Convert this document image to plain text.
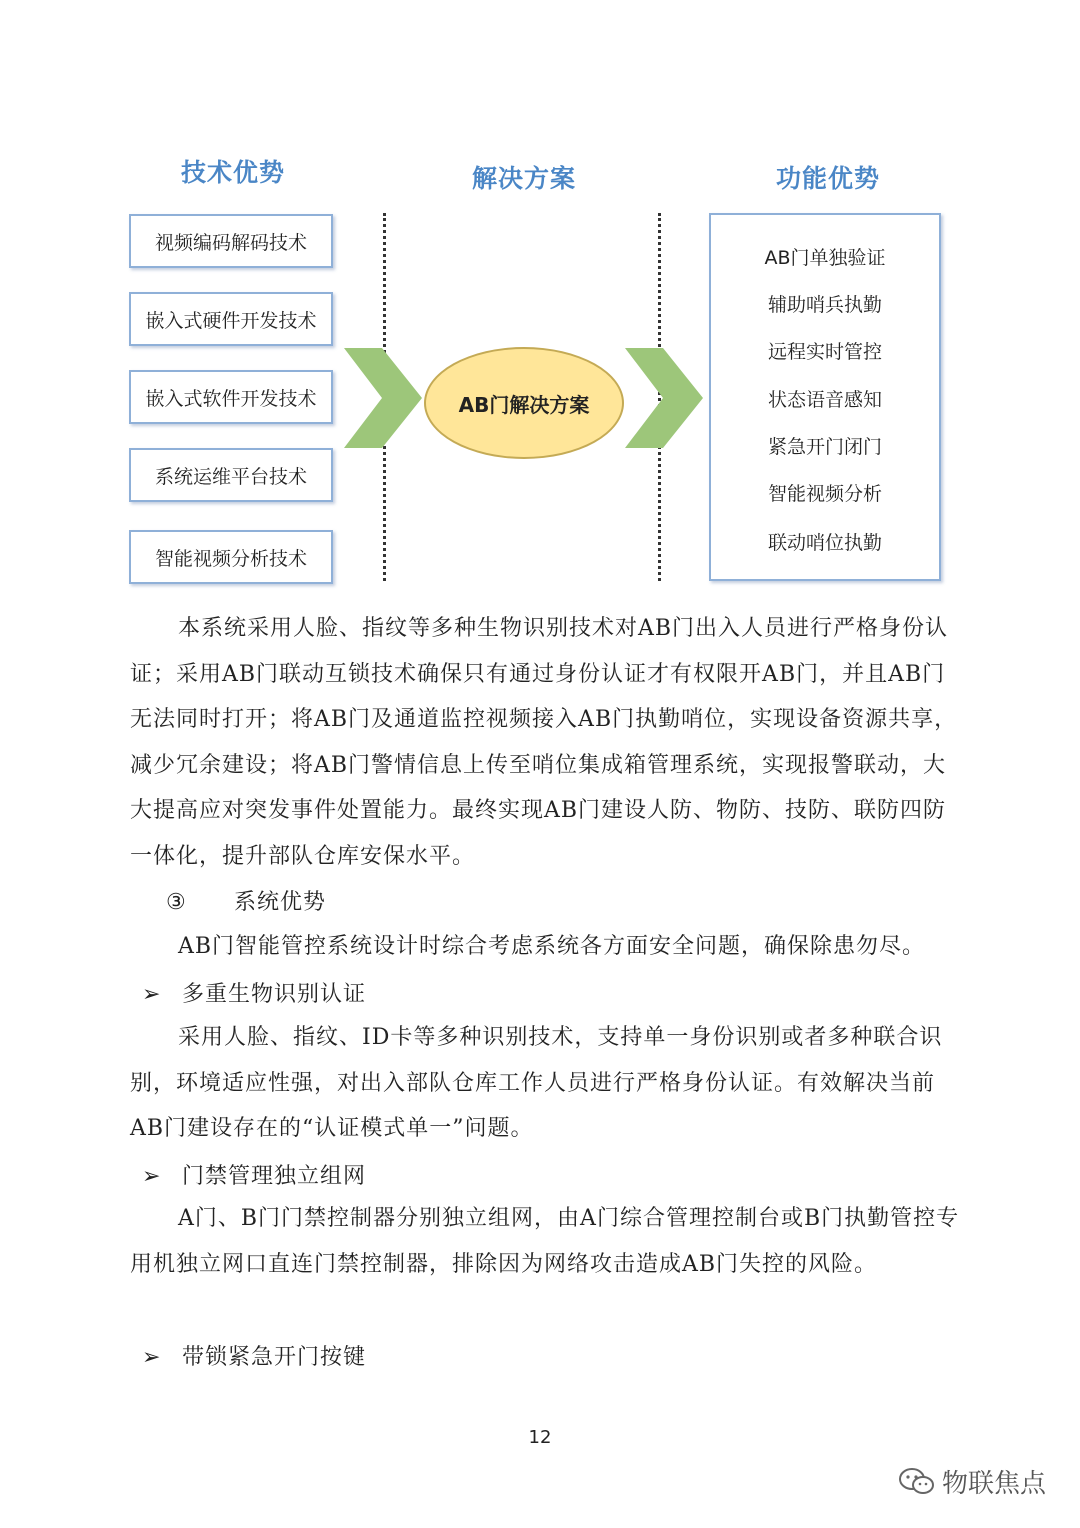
技术优势	解决方案	功能优势
视频编码解码技术
嵌入式硬件开发技术
嵌入式软件开发技术
系统运维平台技术
智能视频分析技术
AB门解决方案
AB门单独验证
辅助哨兵执勤
远程实时管控
状态语音感知
紧急开门闭门
智能视频分析
联动哨位执勤

本系统采用人脸、指纹等多种生物识别技术对AB门出入人员进行严格身份认证；采用AB门联动互锁技术确保只有通过身份认证才有权限开AB门，并且AB门无法同时打开；将AB门及通道监控视频接入AB门执勤哨位，实现设备资源共享，减少冗余建设；将AB门警情信息上传至哨位集成箱管理系统，实现报警联动，大大提高应对突发事件处置能力。最终实现AB门建设人防、物防、技防、联防四防一体化，提升部队仓库安保水平。

③ 系统优势

AB门智能管控系统设计时综合考虑系统各方面安全问题，确保除患勿尽。

➢ 多重生物识别认证

采用人脸、指纹、ID卡等多种识别技术，支持单一身份识别或者多种联合识别，环境适应性强，对出入部队仓库工作人员进行严格身份认证。有效解决当前AB门建设存在的“认证模式单一”问题。

➢ 门禁管理独立组网

A门、B门门禁控制器分别独立组网，由A门综合管理控制台或B门执勤管控专用机独立网口直连门禁控制器，排除因为网络攻击造成AB门失控的风险。

➢ 带锁紧急开门按键
12
物联焦点
